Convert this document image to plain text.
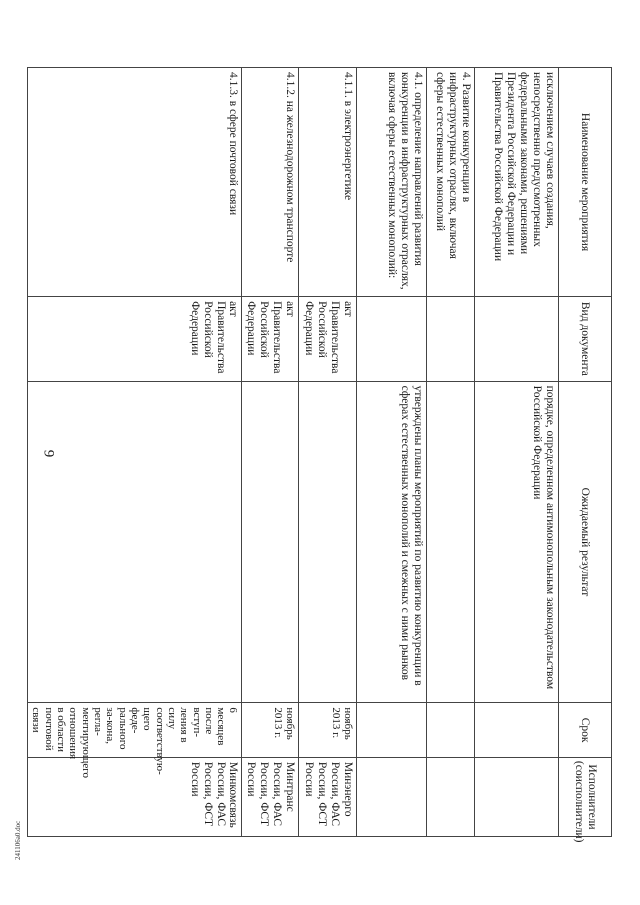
9
241106a0.doc
Наименование мероприятия	Вид документа	Ожидаемый результат	Срок	Исполнители (соисполнители)
исключением случаев создания, непосредственно предусмотренных федеральными законами, решениями Президента Российской Федерации и Правительства Российской Федерации		порядке, определенном антимонопольным законодательством Российской Федерации		
4. Развитие конкуренции в инфраструктурных отраслях, включая сферы естественных монополий				
4.1. определение направлений развития конкуренции в инфраструктурных отраслях, включая сферы естественных монополий:		утверждены планы мероприятий по развитию конкуренции в сферах естественных монополий и смежных с ними рынков		
4.1.1. в электроэнергетике	акт Правительства Российской Федерации		ноябрь 2013 г.	Минэнерго России, ФАС России, ФСТ России
4.1.2. на железнодорожном транспорте	акт Правительства Российской Федерации		ноябрь 2013 г.	Минтранс России, ФАС России, ФСТ России
4.1.3. в сфере почтовой связи	акт Правительства Российской Федерации		6 месяцев после вступ-ления в силу соответствую-щего феде-рального за-кона, регла-ментирующего отношения в области почтовой связи	Минкомсвязь России, ФАС России, ФСТ России
